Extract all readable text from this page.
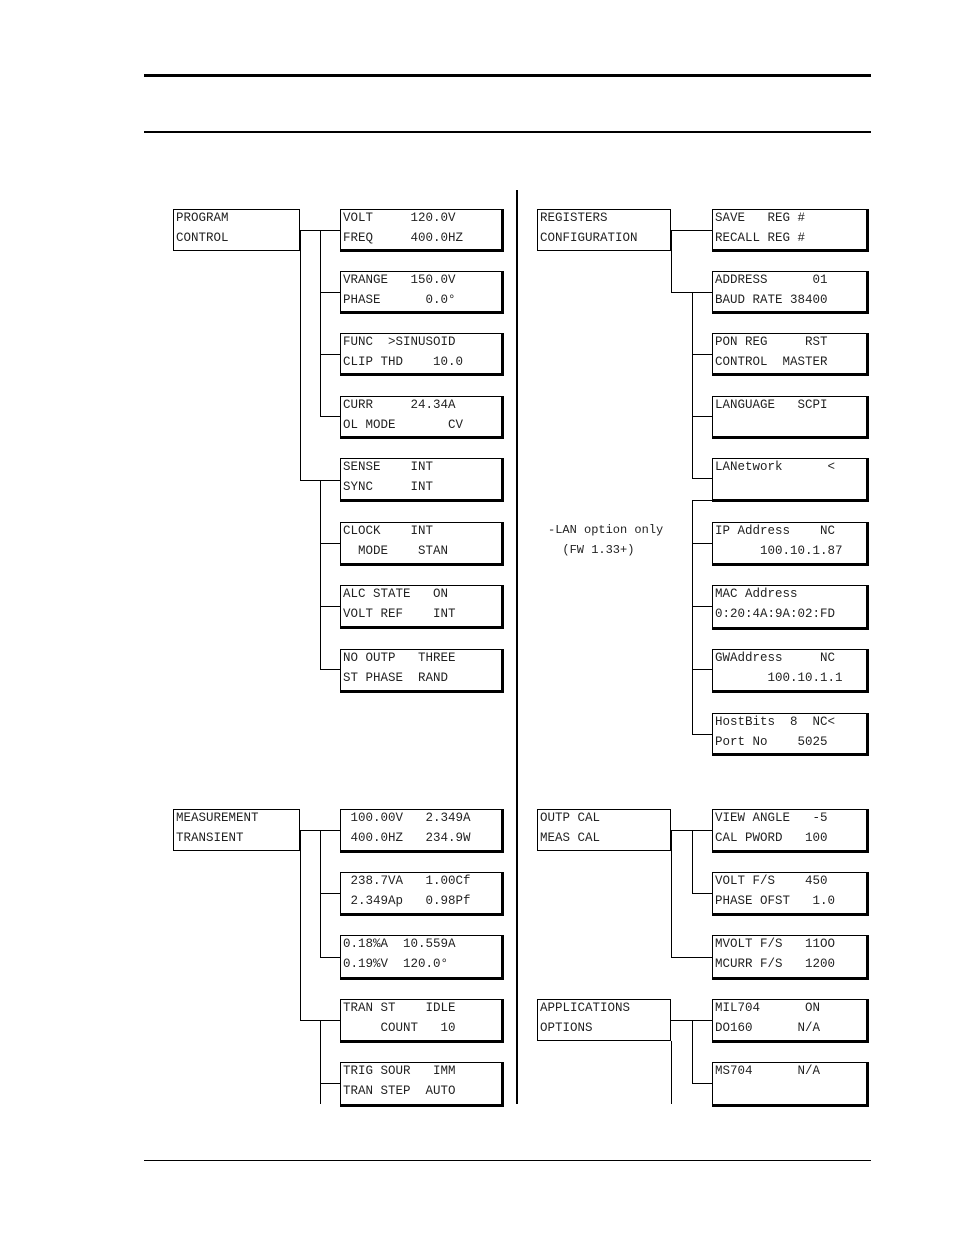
PROGRAM
CONTROL
REGISTERS
CONFIGURATION
MEASUREMENT
TRANSIENT
OUTP CAL
MEAS CAL
APPLICATIONS
OPTIONS
VOLT     120.0V
FREQ     400.0HZ
VRANGE   150.0V
PHASE      0.0°
FUNC  >SINUSOID
CLIP THD    10.0
CURR     24.34A
OL MODE       CV
SENSE    INT
SYNC     INT
CLOCK    INT
MODE    STAN
ALC STATE   ON
VOLT REF    INT
NO OUTP   THREE
ST PHASE  RAND
SAVE   REG #
RECALL REG #
ADDRESS      01
BAUD RATE 38400
PON REG     RST
CONTROL  MASTER
LANGUAGE   SCPI
LANetwork      <
IP Address    NC
100.10.1.87
MAC Address
0:20:4A:9A:02:FD
GWAddress     NC
100.10.1.1
HostBits  8  NC<
Port No    5025
100.00V   2.349A
400.0HZ   234.9W
238.7VA   1.00Cf
2.349Ap   0.98Pf
0.18%A  10.559A
0.19%V  120.0°
TRAN ST    IDLE
COUNT   10
TRIG SOUR   IMM
TRAN STEP  AUTO
VIEW ANGLE   -5
CAL PWORD   100
VOLT F/S    450
PHASE OFST   1.0
MVOLT F/S   11OO
MCURR F/S   1200
MIL704      ON
DO160      N/A
MS704      N/A
-LAN option only
(FW 1.33+)
